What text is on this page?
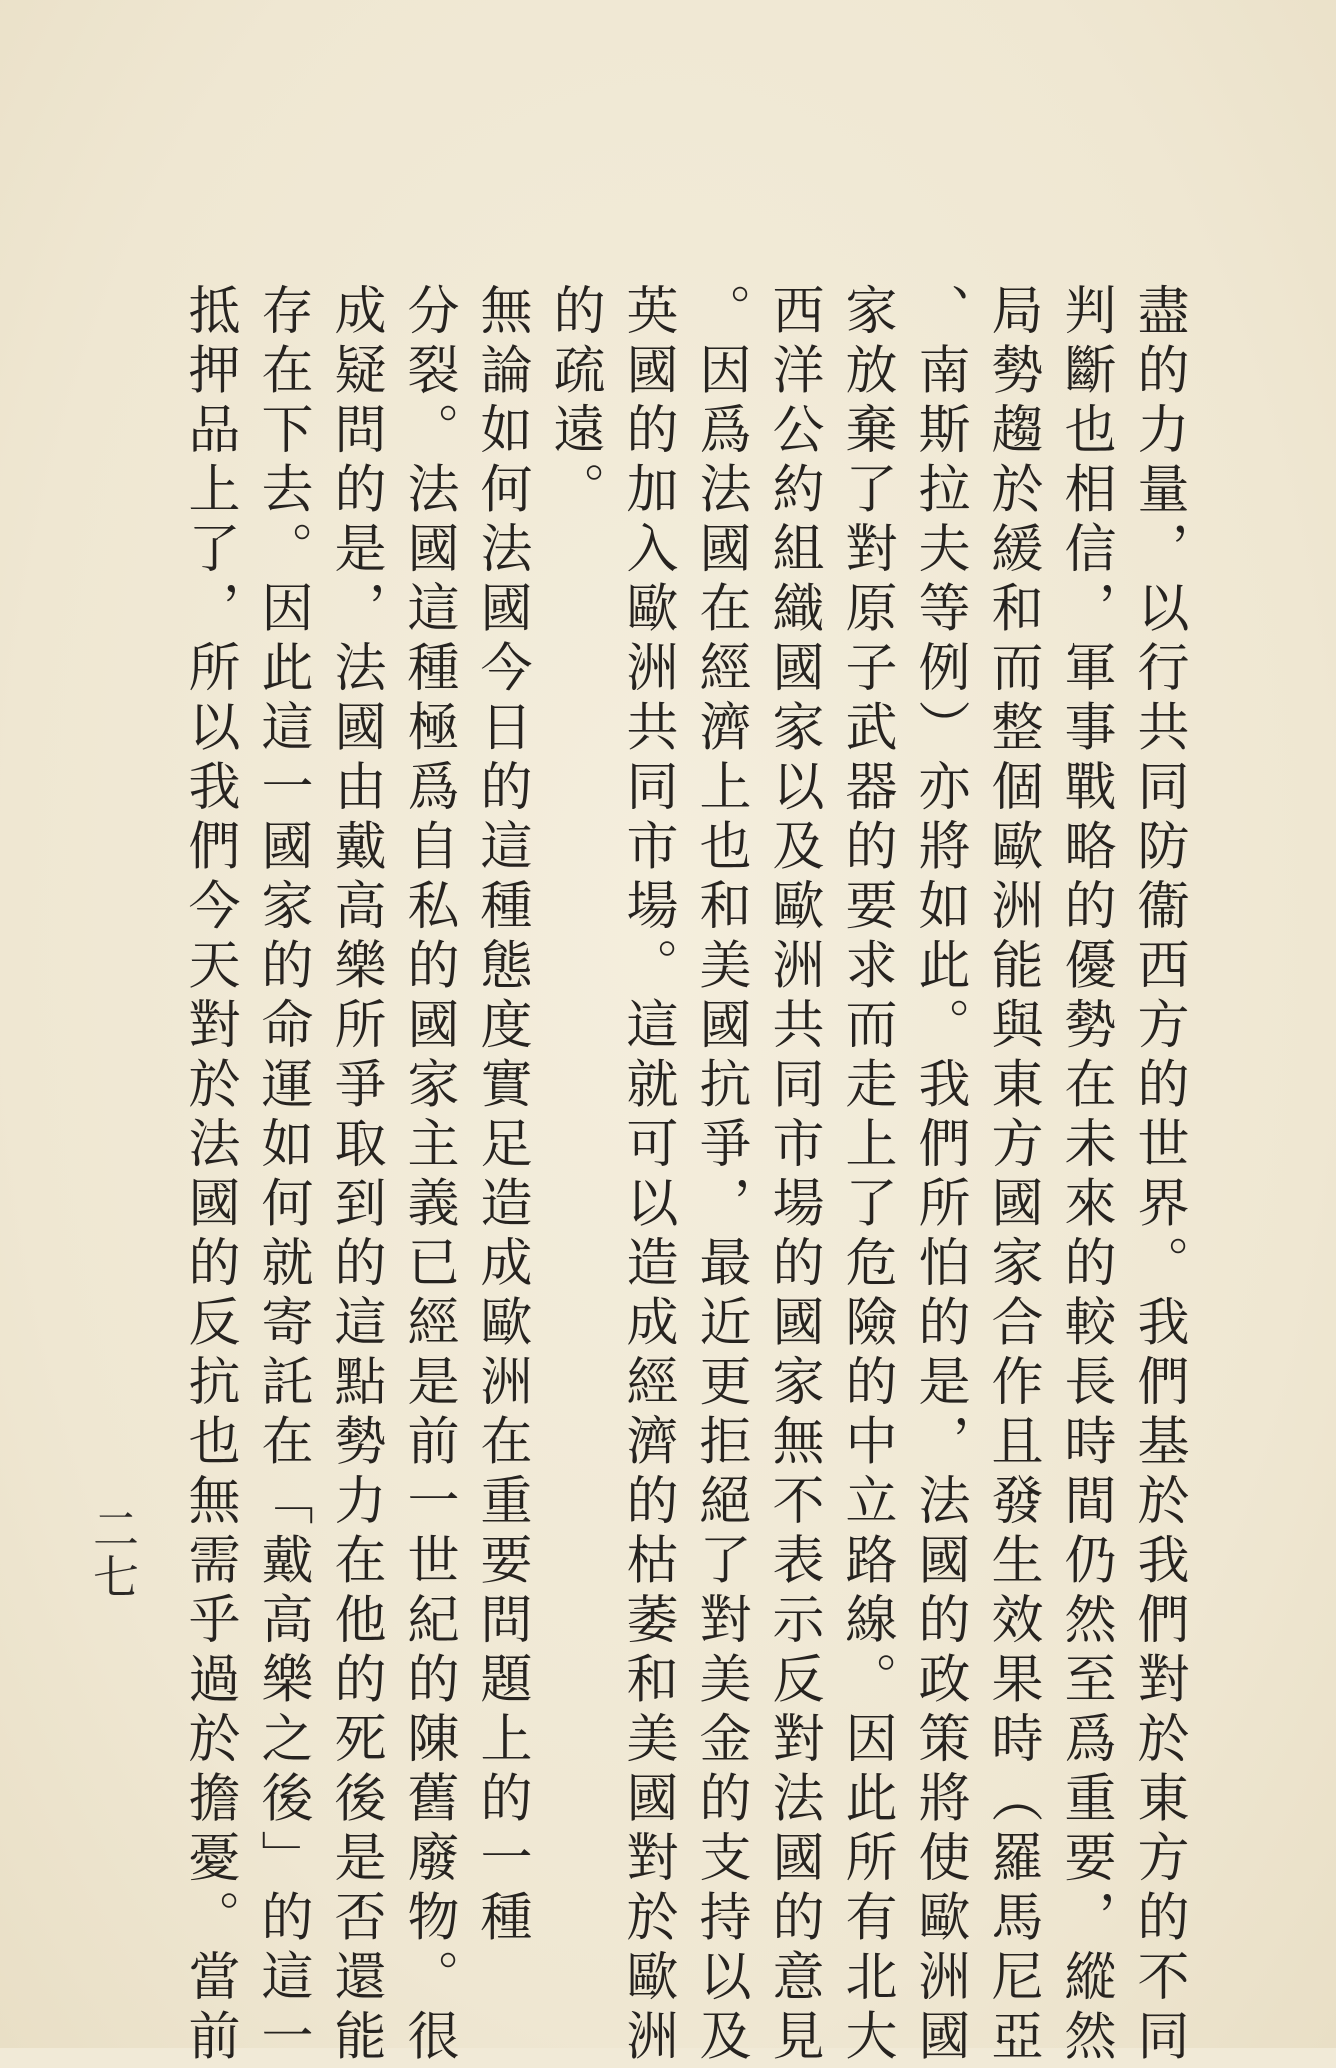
盡的力量，以行共同防衞西方的世界。我們基於我們對於東方的不同
判斷也相信，軍事戰略的優勢在未來的較長時間仍然至爲重要，縱然
局勢趨於緩和而整個歐洲能與東方國家合作且發生效果時（羅馬尼亞
、南斯拉夫等例）亦將如此。我們所怕的是，法國的政策將使歐洲國
家放棄了對原子武器的要求而走上了危險的中立路線。因此所有北大
西洋公約組織國家以及歐洲共同市場的國家無不表示反對法國的意見
。因爲法國在經濟上也和美國抗爭，最近更拒絕了對美金的支持以及
英國的加入歐洲共同市場。這就可以造成經濟的枯萎和美國對於歐洲
的疏遠。
無論如何法國今日的這種態度實足造成歐洲在重要問題上的一種
分裂。法國這種極爲自私的國家主義已經是前一世紀的陳舊廢物。很
成疑問的是，法國由戴高樂所爭取到的這點勢力在他的死後是否還能
存在下去。因此這一國家的命運如何就寄託在「戴高樂之後」的這一
抵押品上了，所以我們今天對於法國的反抗也無需乎過於擔憂。當前
二七
